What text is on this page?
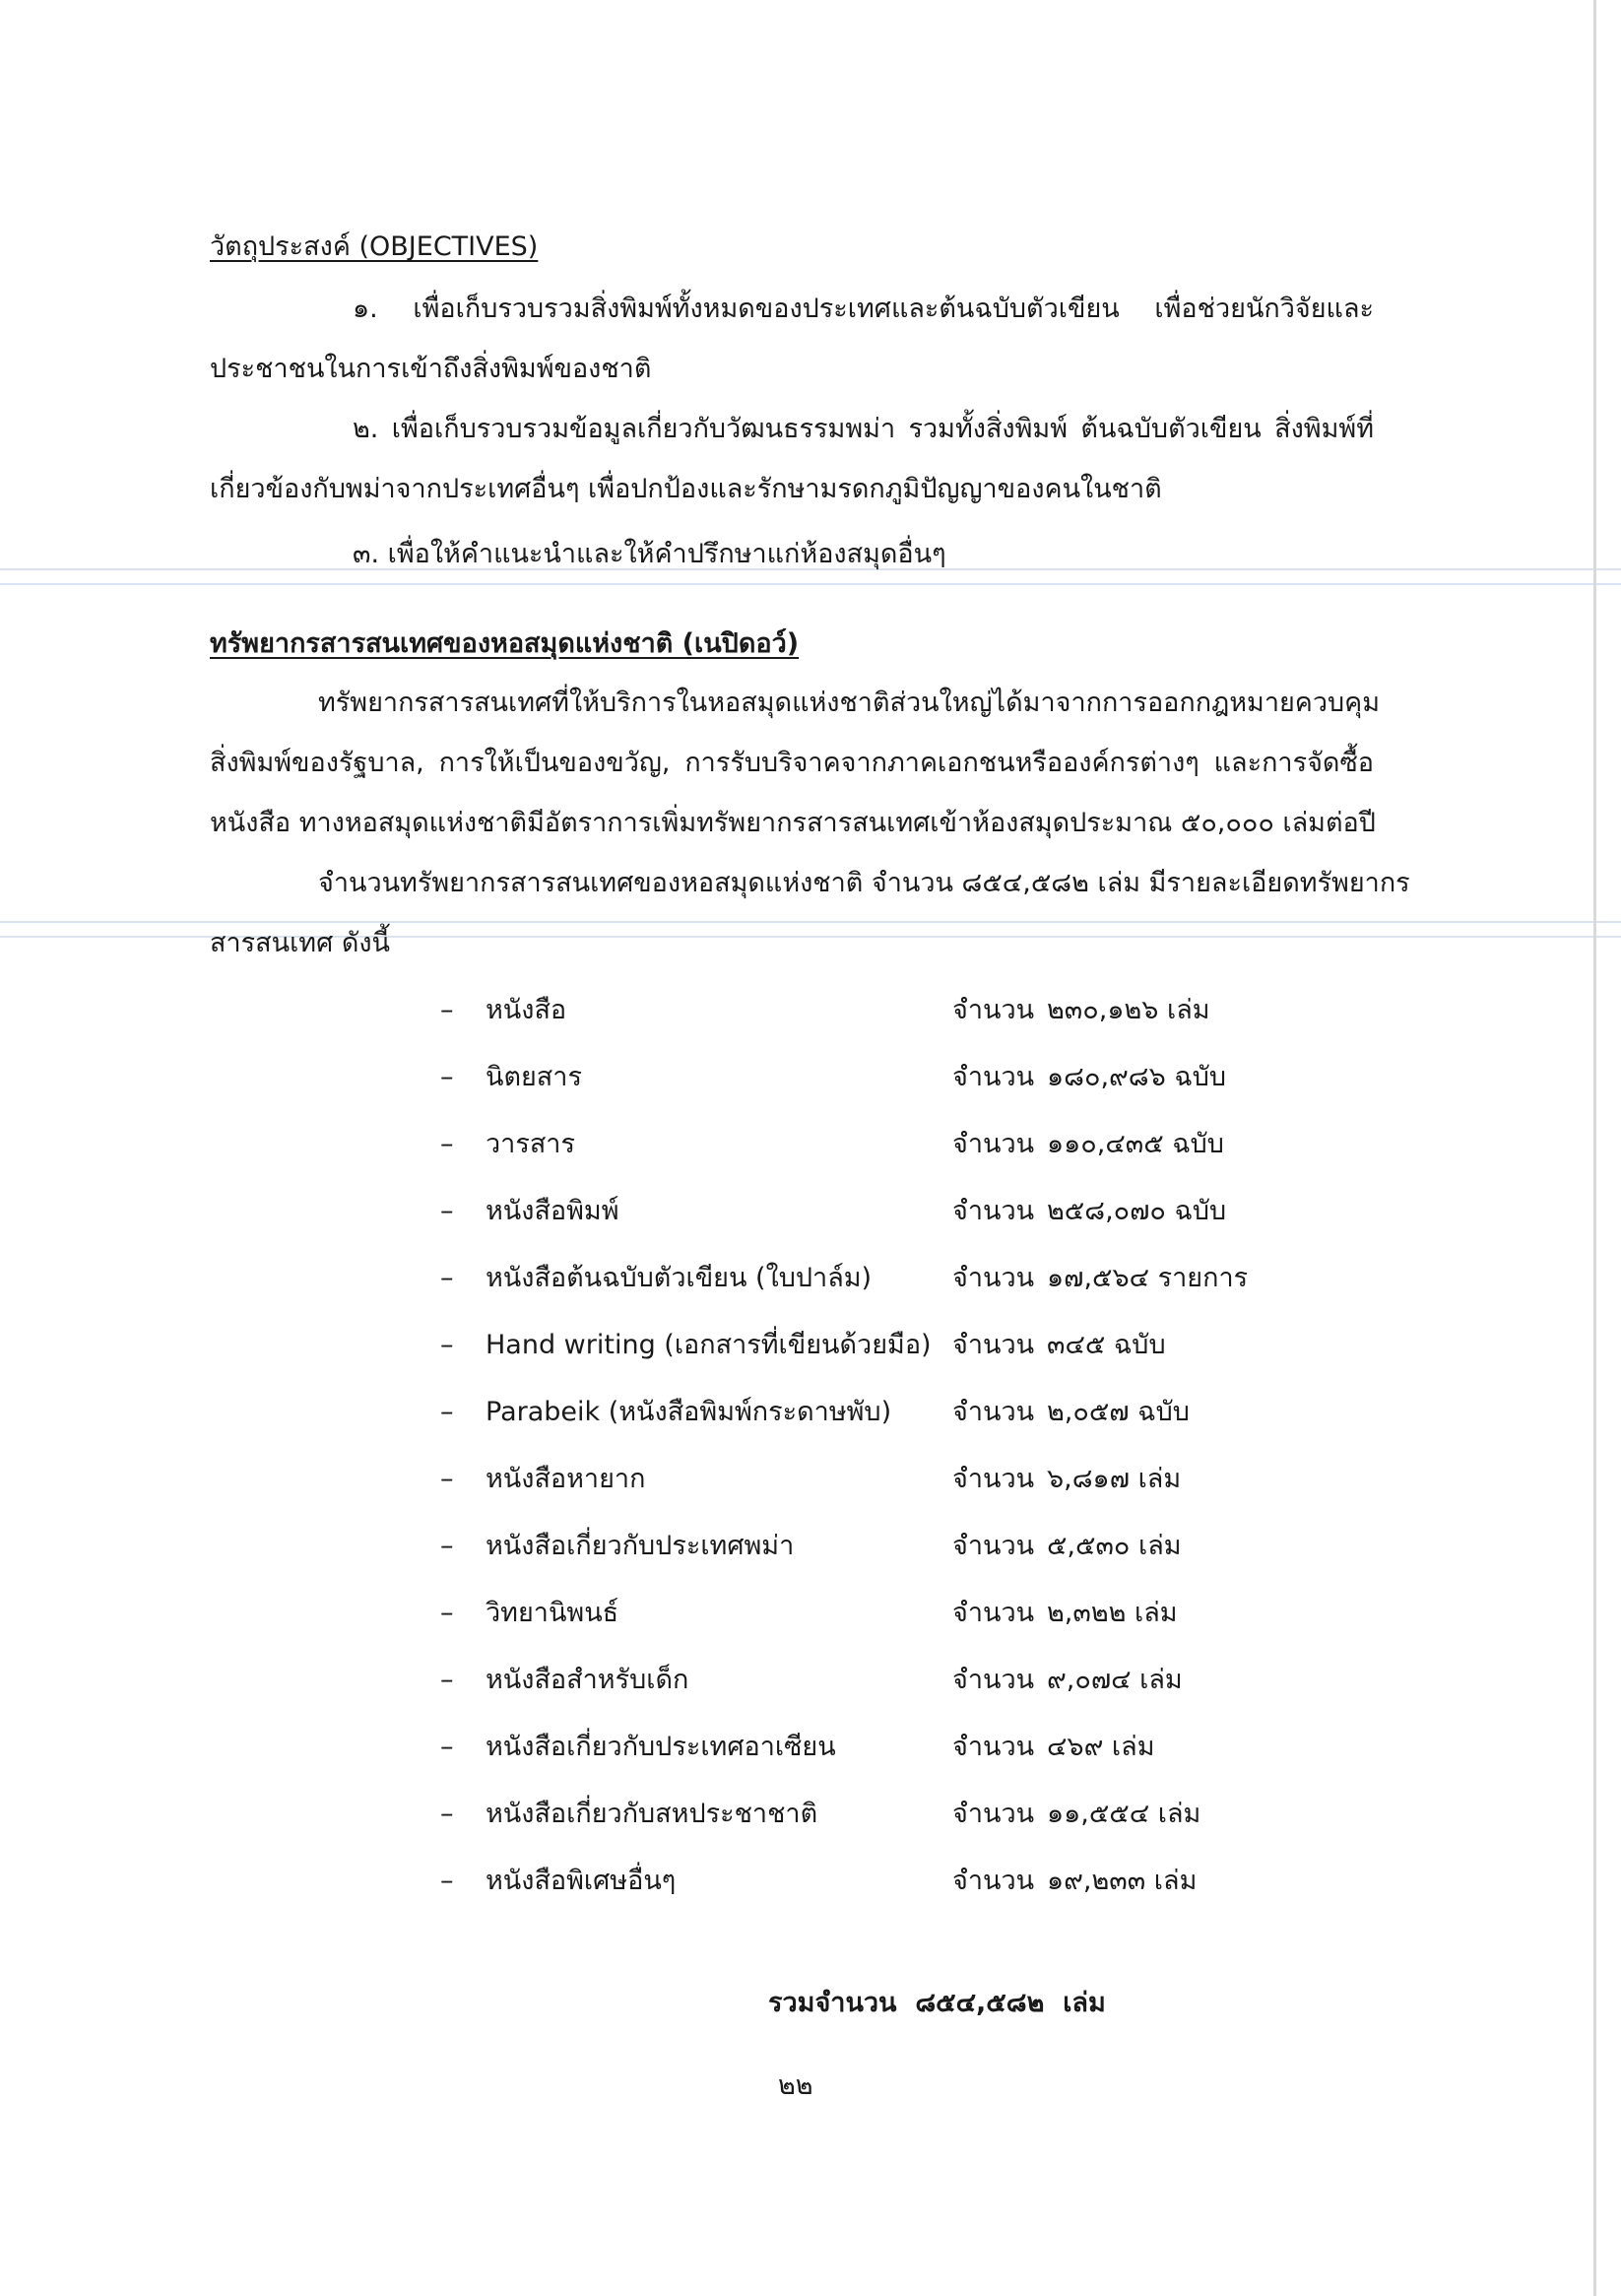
วัตถุประสงค์ (OBJECTIVES)
๑. เพื่อเก็บรวบรวมสิ่งพิมพ์ทั้งหมดของประเทศและต้นฉบับตัวเขียน เพื่อช่วยนักวิจัยและ
ประชาชนในการเข้าถึงสิ่งพิมพ์ของชาติ
๒. เพื่อเก็บรวบรวมข้อมูลเกี่ยวกับวัฒนธรรมพม่า รวมทั้งสิ่งพิมพ์ ต้นฉบับตัวเขียน สิ่งพิมพ์ที่
เกี่ยวข้องกับพม่าจากประเทศอื่นๆ เพื่อปกป้องและรักษามรดกภูมิปัญญาของคนในชาติ
๓. เพื่อให้คำแนะนำและให้คำปรึกษาแก่ห้องสมุดอื่นๆ
ทรัพยากรสารสนเทศของหอสมุดแห่งชาติ (เนปิดอว์)
ทรัพยากรสารสนเทศที่ให้บริการในหอสมุดแห่งชาติส่วนใหญ่ได้มาจากการออกกฎหมายควบคุม
สิ่งพิมพ์ของรัฐบาล, การให้เป็นของขวัญ, การรับบริจาคจากภาคเอกชนหรือองค์กรต่างๆ และการจัดซื้อ
หนังสือ ทางหอสมุดแห่งชาติมีอัตราการเพิ่มทรัพยากรสารสนเทศเข้าห้องสมุดประมาณ ๕๐,๐๐๐ เล่มต่อปี
จำนวนทรัพยากรสารสนเทศของหอสมุดแห่งชาติ จำนวน ๘๕๔,๕๘๒ เล่ม มีรายละเอียดทรัพยากร
สารสนเทศ ดังนี้
– หนังสือ	จำนวน ๒๓๐,๑๒๖ เล่ม
– นิตยสาร	จำนวน ๑๘๐,๙๘๖ ฉบับ
– วารสาร	จำนวน ๑๑๐,๔๓๕ ฉบับ
– หนังสือพิมพ์	จำนวน ๒๕๘,๐๗๐ ฉบับ
– หนังสือต้นฉบับตัวเขียน (ใบปาล์ม)	จำนวน ๑๗,๕๖๔ รายการ
– Hand writing (เอกสารที่เขียนด้วยมือ) จำนวน ๓๔๕ ฉบับ
– Parabeik (หนังสือพิมพ์กระดาษพับ) จำนวน ๒,๐๕๗ ฉบับ
– หนังสือหายาก	จำนวน ๖,๘๑๗ เล่ม
– หนังสือเกี่ยวกับประเทศพม่า	จำนวน ๕,๕๓๐ เล่ม
– วิทยานิพนธ์	จำนวน ๒,๓๒๒ เล่ม
– หนังสือสำหรับเด็ก	จำนวน ๙,๐๗๔ เล่ม
– หนังสือเกี่ยวกับประเทศอาเซียน	จำนวน ๔๖๙ เล่ม
– หนังสือเกี่ยวกับสหประชาชาติ	จำนวน ๑๑,๕๕๔ เล่ม
– หนังสือพิเศษอื่นๆ	จำนวน ๑๙,๒๓๓ เล่ม
รวมจำนวน ๘๕๔,๕๘๒ เล่ม
๒๒
